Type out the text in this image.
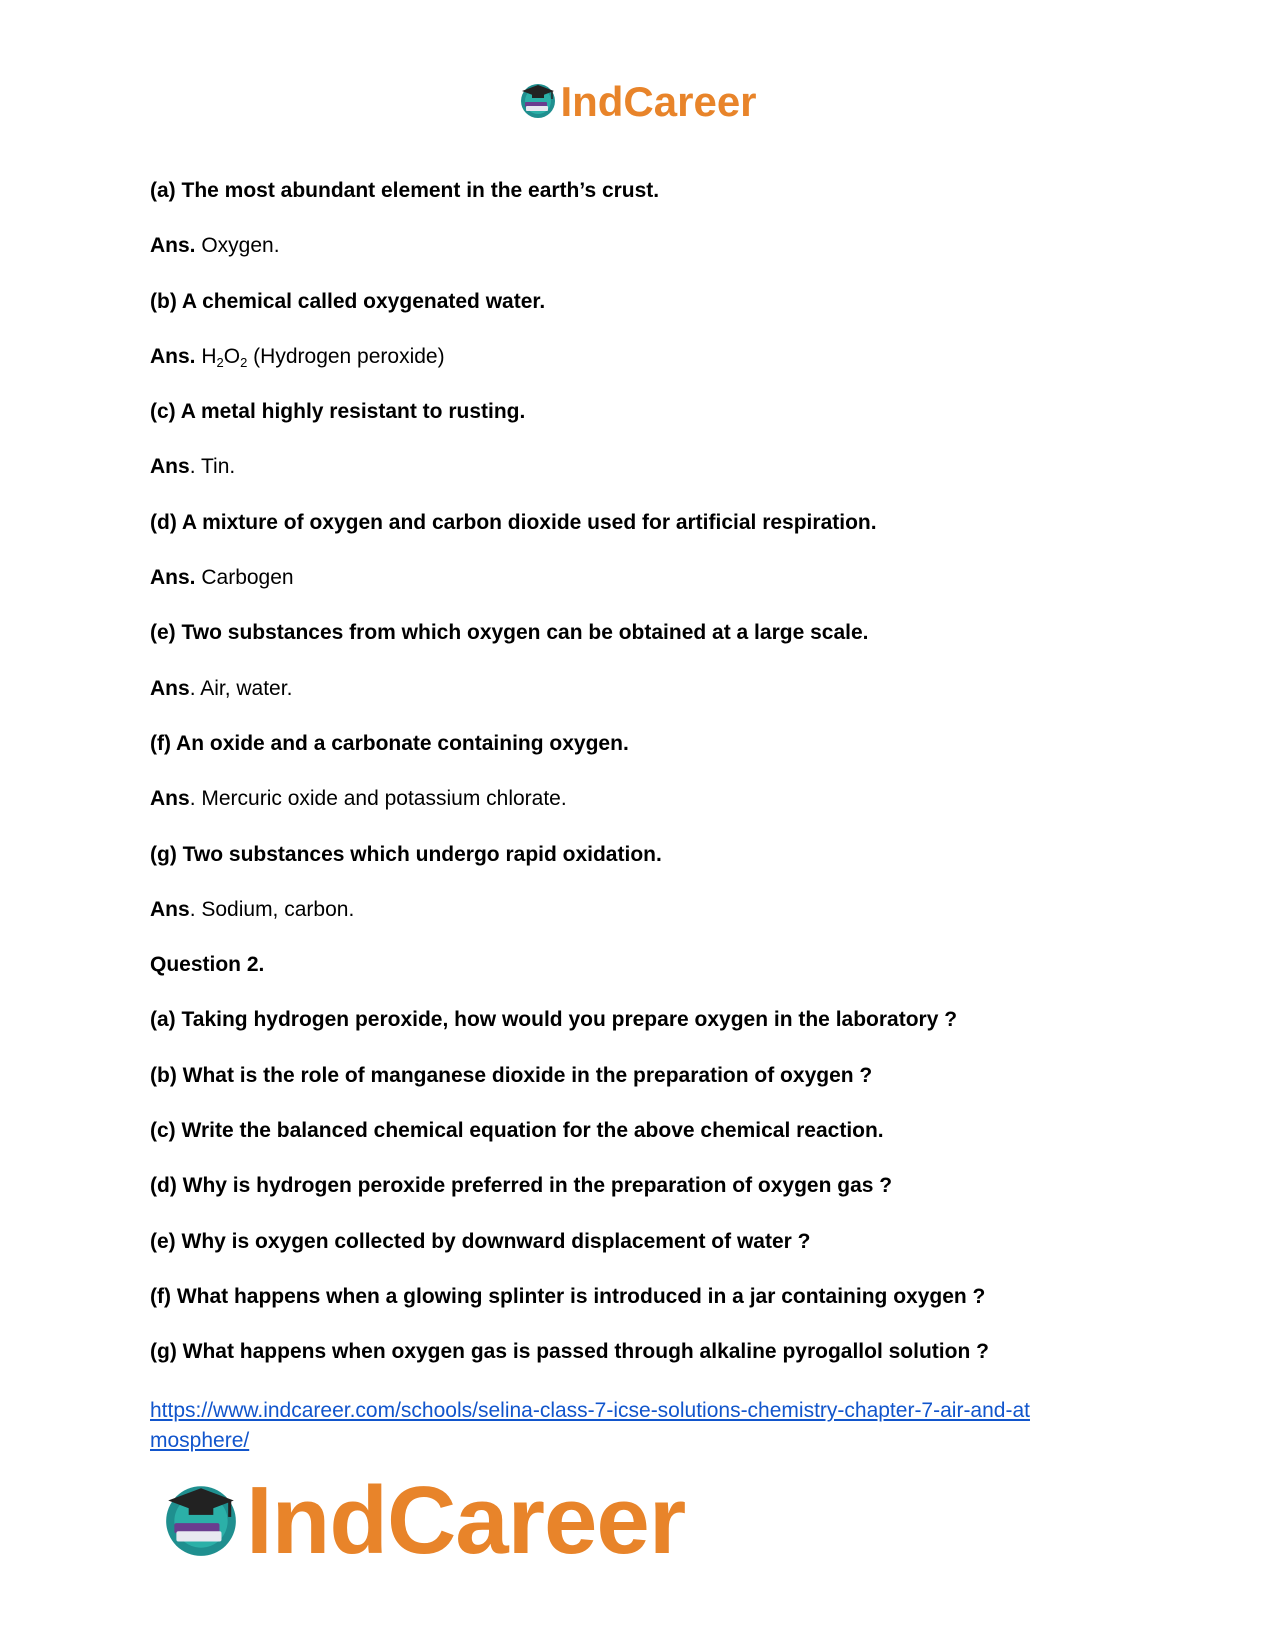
IndCareer
(a) The most abundant element in the earth’s crust.
Ans. Oxygen.
(b) A chemical called oxygenated water.
Ans. $H_2O_2$ (Hydrogen peroxide)
(c) A metal highly resistant to rusting.
Ans. Tin.
(d) A mixture of oxygen and carbon dioxide used for artificial respiration.
Ans. Carbogen
(e) Two substances from which oxygen can be obtained at a large scale.
Ans. Air, water.
(f) An oxide and a carbonate containing oxygen.
Ans. Mercuric oxide and potassium chlorate.
(g) Two substances which undergo rapid oxidation.
Ans. Sodium, carbon.
Question 2.
(a) Taking hydrogen peroxide, how would you prepare oxygen in the laboratory ?
(b) What is the role of manganese dioxide in the preparation of oxygen ?
(c) Write the balanced chemical equation for the above chemical reaction.
(d) Why is hydrogen peroxide preferred in the preparation of oxygen gas ?
(e) Why is oxygen collected by downward displacement of water ?
(f) What happens when a glowing splinter is introduced in a jar containing oxygen ?
(g) What happens when oxygen gas is passed through alkaline pyrogallol solution ?
https://www.indcareer.com/schools/selina-class-7-icse-solutions-chemistry-chapter-7-air-and-at
mosphere/
IndCareer
